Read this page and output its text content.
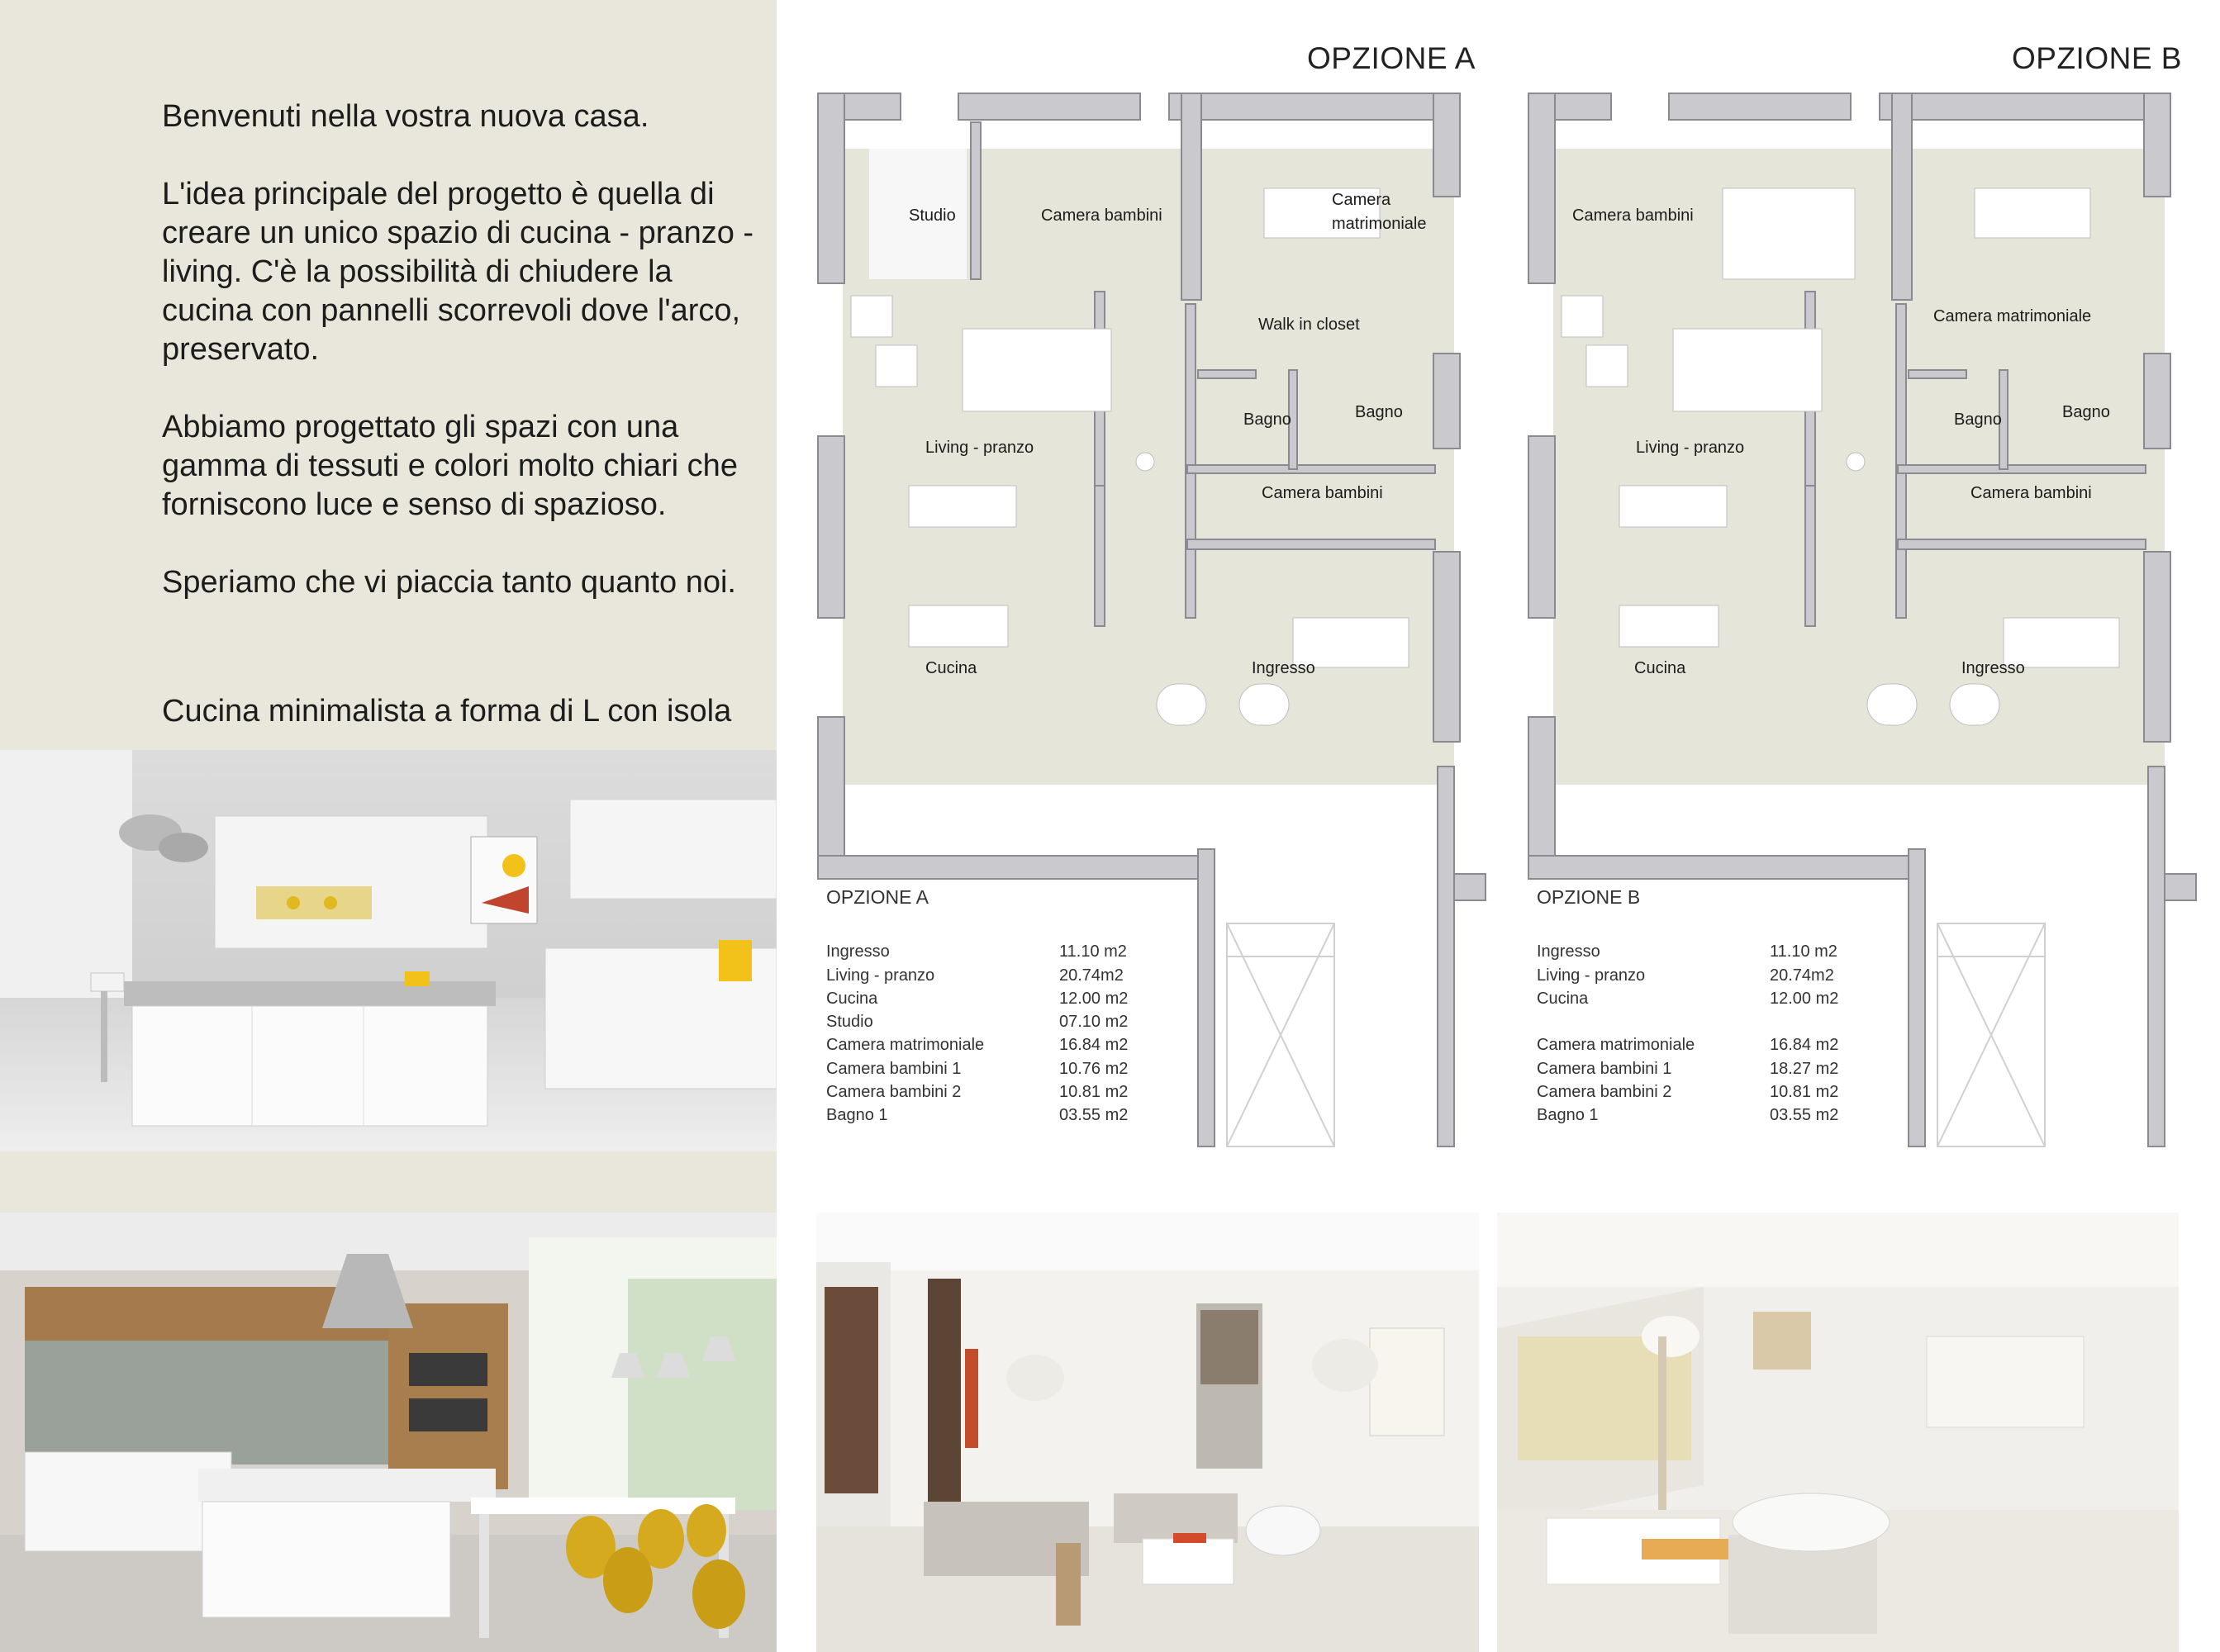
Benvenuti nella vostra nuova casa.

L'idea principale del progetto è quella di creare un unico spazio di cucina - pranzo -living. C'è la possibilità di chiudere la cucina con pannelli scorrevoli dove l'arco, preservato.

Abbiamo progettato gli spazi con una gamma di tessuti e colori molto chiari che forniscono luce e senso di spazioso.

Speriamo che vi piaccia tanto quanto noi.

Cucina minimalista a forma di L con isola
OPZIONE A	OPZIONE B
Studio	Camera bambini
Camera
matrimoniale
Walk in closet
Bagno	Bagno
Living - pranzo
Camera bambini
Cucina	Ingresso
Camera bambini
Camera matrimoniale
Bagno	Bagno
Living - pranzo
Camera bambini
Cucina	Ingresso
OPZIONE A
Ingresso	11.10 m2
Living - pranzo	20.74m2
Cucina	12.00 m2
Studio	07.10 m2
Camera matrimoniale	16.84 m2
Camera bambini 1	10.76 m2
Camera bambini 2	10.81 m2
Bagno 1	03.55 m2
OPZIONE B
Ingresso	11.10 m2
Living - pranzo	20.74m2
Cucina	12.00 m2
Camera matrimoniale	16.84 m2
Camera bambini 1	18.27 m2
Camera bambini 2	10.81 m2
Bagno 1	03.55 m2
